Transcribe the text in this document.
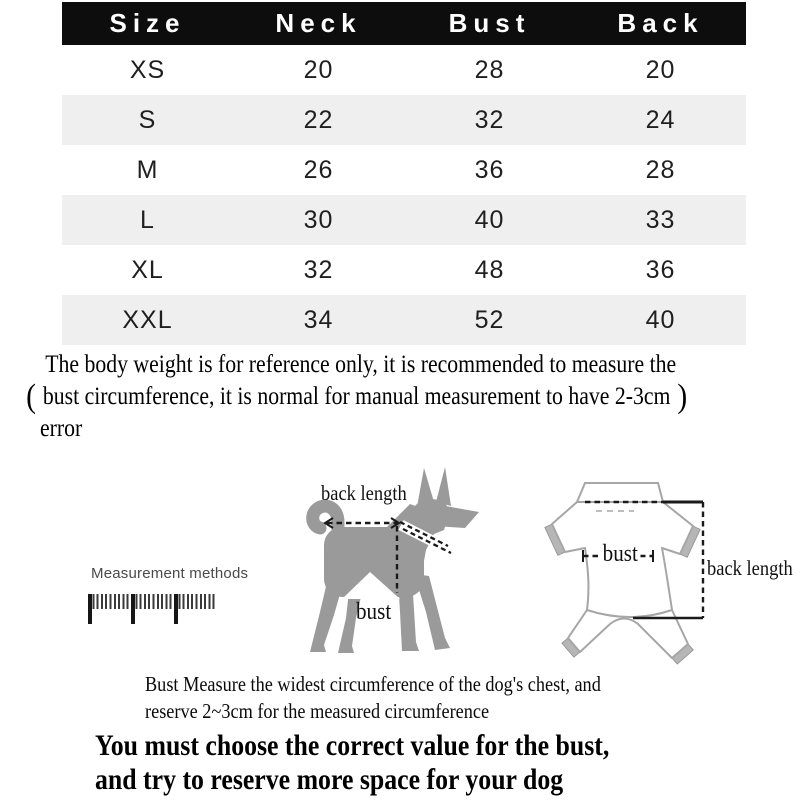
Size	Neck	Bust	Back
XS	20	28	20
S	22	32	24
M	26	36	28
L	30	40	33
XL	32	48	36
XXL	34	52	40
The body weight is for reference only, it is recommended to measure the
( bust circumference, it is normal for manual measurement to have 2-3cm )
error
Measurement methods
back length
bust
bust
back length
Bust Measure the widest circumference of the dog's chest, and
reserve 2~3cm for the measured circumference
You must choose the correct value for the bust,
and try to reserve more space for your dog
